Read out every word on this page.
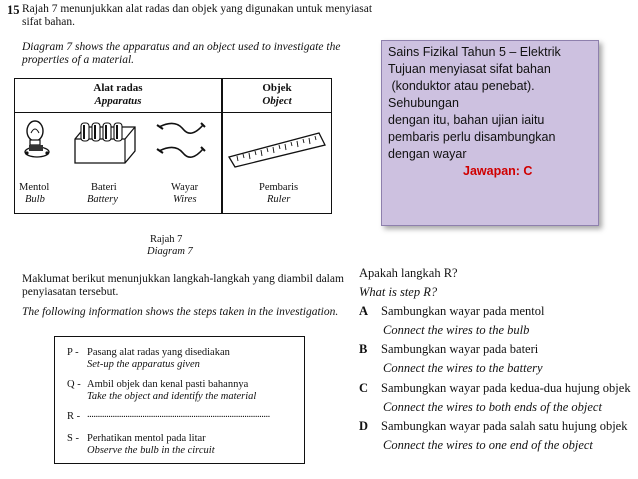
15 Rajah 7 menunjukkan alat radas dan objek yang digunakan untuk menyiasat
sifat bahan.
Diagram 7 shows the apparatus and an object used to investigate the
properties of a material.
Alat radas
Apparatus
Objek
Object
Mentol
Bulb
Bateri
Battery
Wayar
Wires
Pembaris
Ruler
Rajah 7
Diagram 7
Maklumat berikut menunjukkan langkah-langkah yang diambil dalam
penyiasatan tersebut.
The following information shows the steps taken in the investigation.
P - Pasang alat radas yang disediakan
Set-up the apparatus given
Q - Ambil objek dan kenal pasti bahannya
Take the object and identify the material
R - ......................................................................................
S - Perhatikan mentol pada litar
Observe the bulb in the circuit
Sains Fizikal Tahun 5 – Elektrik
Tujuan menyiasat sifat bahan
(konduktor atau penebat).
Sehubungan
dengan itu, bahan ujian iaitu
pembaris perlu disambungkan
dengan wayar
Jawapan: C
Apakah langkah R?
What is step R?
A Sambungkan wayar pada mentol
Connect the wires to the bulb
B Sambungkan wayar pada bateri
Connect the wires to the battery
C Sambungkan wayar pada kedua-dua hujung objek
Connect the wires to both ends of the object
D Sambungkan wayar pada salah satu hujung objek
Connect the wires to one end of the object
